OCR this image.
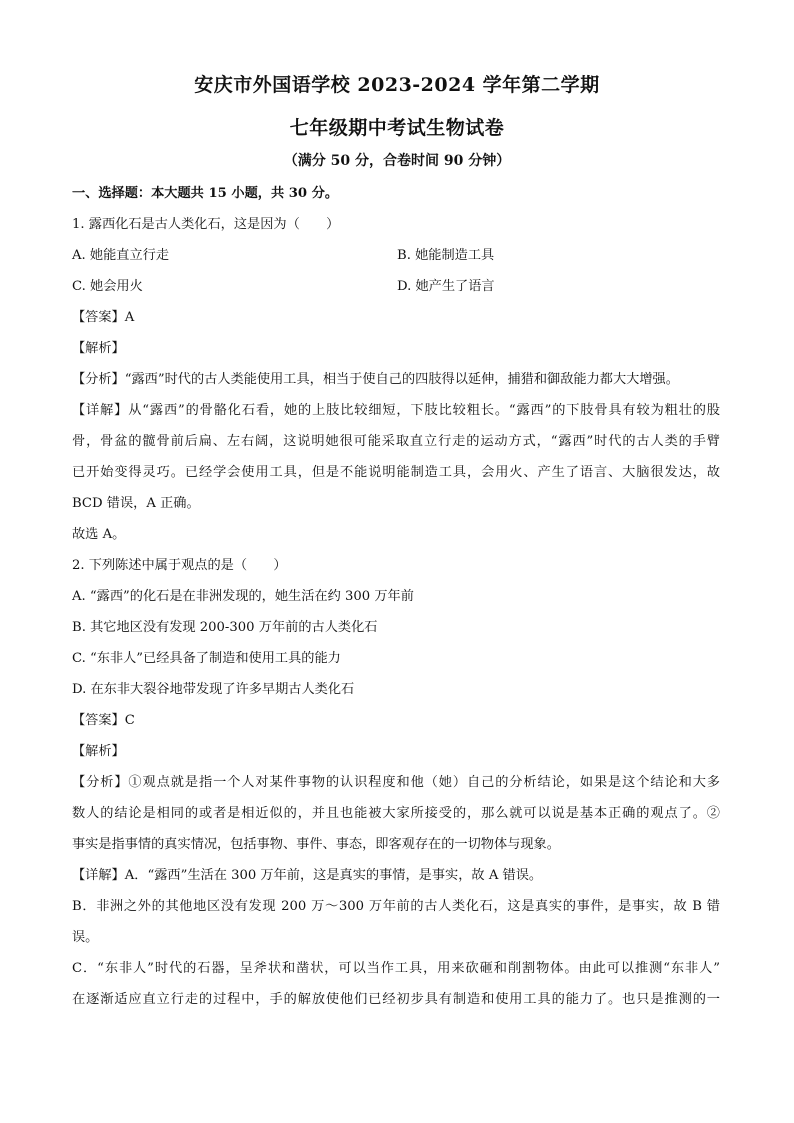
安庆市外国语学校 2023-2024 学年第二学期
七年级期中考试生物试卷
（满分 50 分，合卷时间 90 分钟）
一、选择题：本大题共 15 小题，共 30 分。
1. 露西化石是古人类化石，这是因为（　　）
A. 她能直立行走	B. 她能制造工具
C. 她会用火	D. 她产生了语言
【答案】A
【解析】
【分析】“露西”时代的古人类能使用工具，相当于使自己的四肢得以延伸，捕猎和御敌能力都大大增强。
【详解】从“露西”的骨骼化石看，她的上肢比较细短，下肢比较粗长。“露西”的下肢骨具有较为粗壮的股
骨，骨盆的髋骨前后扁、左右阔，这说明她很可能采取直立行走的运动方式，“露西”时代的古人类的手臂
已开始变得灵巧。已经学会使用工具，但是不能说明能制造工具，会用火、产生了语言、大脑很发达，故
BCD 错误，A 正确。
故选 A。
2. 下列陈述中属于观点的是（　　）
A. “露西”的化石是在非洲发现的，她生活在约 300 万年前
B. 其它地区没有发现 200-300 万年前的古人类化石
C. “东非人”已经具备了制造和使用工具的能力
D. 在东非大裂谷地带发现了许多早期古人类化石
【答案】C
【解析】
【分析】①观点就是指一个人对某件事物的认识程度和他（她）自己的分析结论，如果是这个结论和大多
数人的结论是相同的或者是相近似的，并且也能被大家所接受的，那么就可以说是基本正确的观点了。②
事实是指事情的真实情况，包括事物、事件、事态，即客观存在的一切物体与现象。
【详解】A．“露西”生活在 300 万年前，这是真实的事情，是事实，故 A 错误。
B．非洲之外的其他地区没有发现 200 万～300 万年前的古人类化石，这是真实的事件，是事实，故 B 错
误。
C．“东非人”时代的石器，呈斧状和凿状，可以当作工具，用来砍砸和削割物体。由此可以推测“东非人”
在逐渐适应直立行走的过程中，手的解放使他们已经初步具有制造和使用工具的能力了。也只是推测的一
